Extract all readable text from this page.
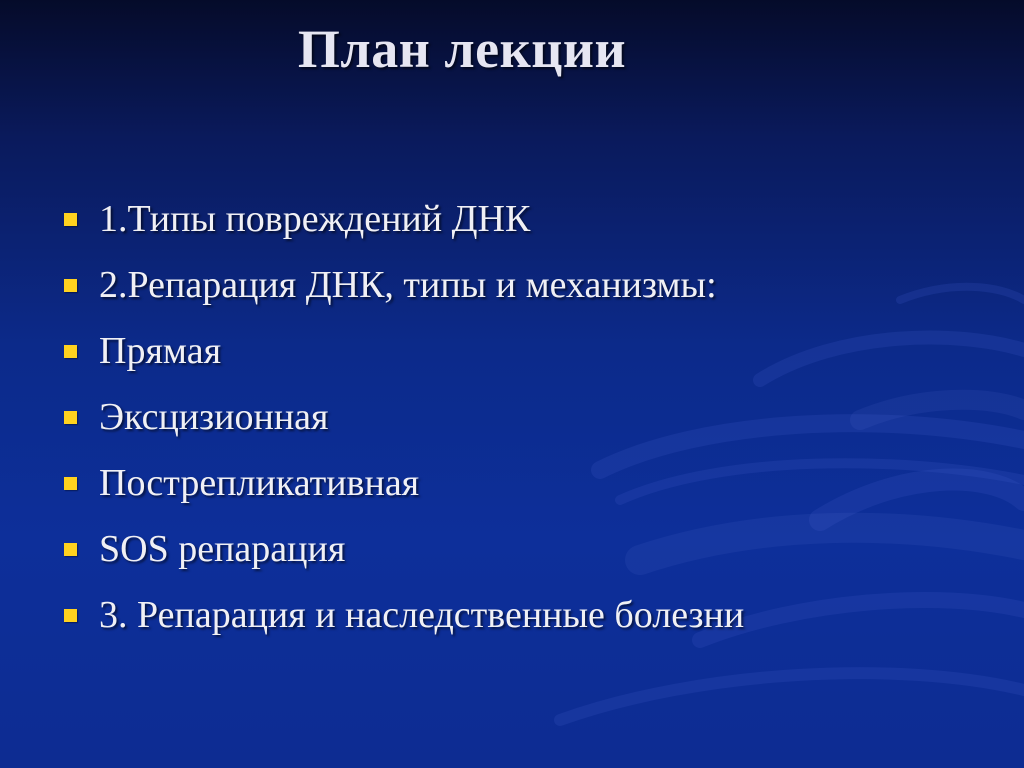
План лекции
1.Типы повреждений ДНК
2.Репарация ДНК, типы и механизмы:
Прямая
Эксцизионная
Пострепликативная
SOS репарация
3. Репарация и наследственные болезни
